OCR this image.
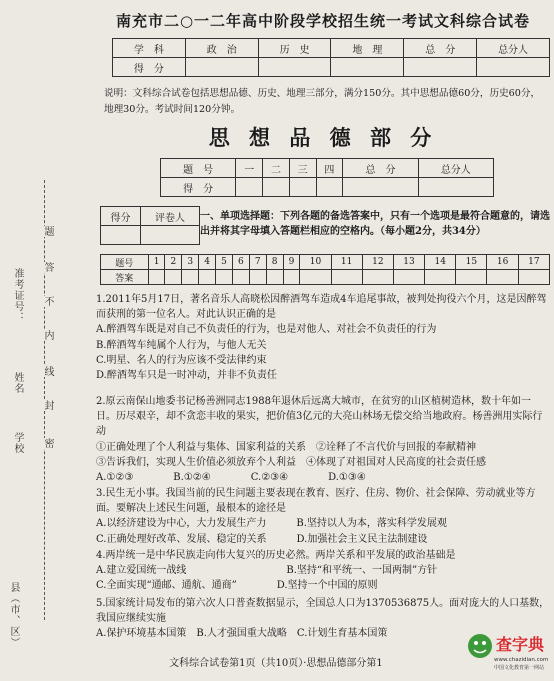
县（市、区）
学校
姓名
准考证号：
题
答
不
内
线
封
密
南充市二○一二年高中阶段学校招生统一考试文科综合试卷
学　科	政　治	历　史	地　理	总　分	总分人
得　分					
说明：文科综合试卷包括思想品德、历史、地理三部分，满分150分。其中思想品德60分，历史60分，地理30分。考试时间120分钟。
思 想 品 德 部 分
题　号	一	二	三	四	总　分	总分人
得　分						
得分	评卷人
	一、单项选择题：下列各题的备选答案中，只有一个选项是最符合题意的，请选出并将其字母填入答题栏相应的空格内。（每小题2分，共34分）
题号	1	2	3	4	5	6	7	8	9	10	11	12	13	14	15	16	17
答案																	
1.2011年5月17日，著名音乐人高晓松因醉酒驾车造成4车追尾事故，被判处拘役六个月，这是因醉驾而获刑的第一位名人。对此认识正确的是
A.醉酒驾车既是对自己不负责任的行为，也是对他人、对社会不负责任的行为
B.醉酒驾车纯属个人行为，与他人无关
C.明星、名人的行为应该不受法律约束
D.醉酒驾车只是一时冲动，并非不负责任
2.原云南保山地委书记杨善洲同志1988年退休后远离大城市，在贫穷的山区植树造林，数十年如一日。历尽艰辛，却不贪恋丰收的果实，把价值3亿元的大亮山林场无偿交给当地政府。杨善洲用实际行动
①正确处理了个人利益与集体、国家利益的关系　②诠释了不言代价与回报的奉献精神
③告诉我们，实现人生价值必须放弃个人利益　④体现了对祖国对人民高度的社会责任感
A.①②③　　　　B.①②④　　　　C.②③④　　　　D.①③④
3.民生无小事。我国当前的民生问题主要表现在教育、医疗、住房、物价、社会保障、劳动就业等方面。要解决上述民生问题，最根本的途径是
A.以经济建设为中心，大力发展生产力　　　B.坚持以人为本，落实科学发展观
C.正确处理好改革、发展、稳定的关系　　　D.加强社会主义民主法制建设
4.两岸统一是中华民族走向伟大复兴的历史必然。两岸关系和平发展的政治基础是
A.建立爱国统一战线　　　　　　　　　　B.坚持“和平统一、一国两制”方针
C.全面实现“通邮、通航、通商”　　　　D.坚持一个中国的原则
5.国家统计局发布的第六次人口普查数据显示，全国总人口为1370536875人。面对庞大的人口基数，我国应继续实施
A.保护环境基本国策　B.人才强国重大战略　C.计划生育基本国策
文科综合试卷第1页（共10页）·思想品德部分第1
查字典
www.chazidian.com
中国文化教育第一网站
